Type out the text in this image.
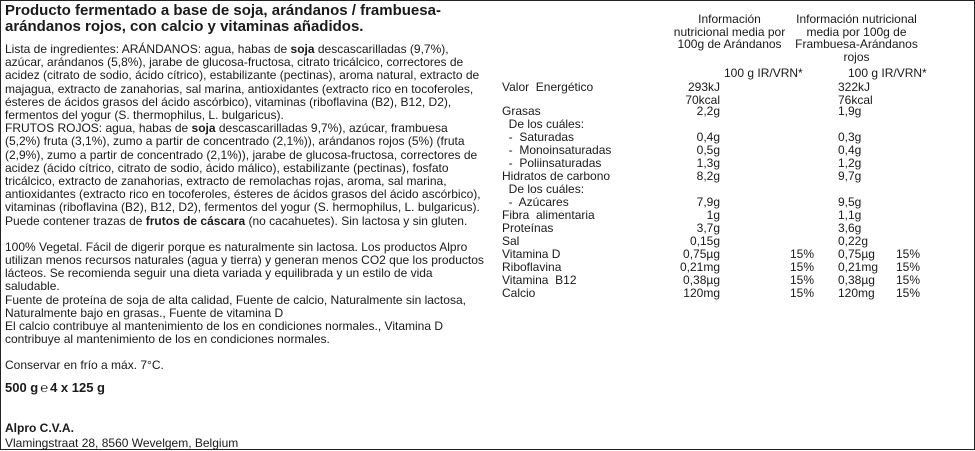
Producto fermentado a base de soja, arándanos / frambuesa-

arándanos rojos, con calcio y vitaminas añadidos.

Lista de ingredientes: ARÁNDANOS: agua, habas de soja descascarilladas (9,7%), azúcar, arándanos (5,8%), jarabe de glucosa-fructosa, citrato tricálcico, correctores de acidez (citrato de sodio, ácido cítrico), estabilizante (pectinas), aroma natural, extracto de majagua, extracto de zanahorias, sal marina, antioxidantes (extracto rico en tocoferoles, ésteres de ácidos grasos del ácido ascórbico), vitaminas (riboflavina (B2), B12, D2), fermentos del yogur (S. thermophilus, L. bulgaricus).
FRUTOS ROJOS: agua, habas de soja descascarilladas 9,7%), azúcar, frambuesa (5,2%) fruta (3,1%), zumo a partir de concentrado (2,1%)), arándanos rojos (5%) (fruta (2,9%), zumo a partir de concentrado (2,1%)), jarabe de glucosa-fructosa, correctores de acidez (ácido cítrico, citrato de sodio, ácido málico), estabilizante (pectinas), fosfato tricálcico, extracto de zanahorias, extracto de remolachas rojas, aroma, sal marina, antioxidantes (extracto rico en tocoferoles, ésteres de ácidos grasos del ácido ascórbico), vitaminas (riboflavina (B2), B12, D2), fermentos del yogur (S. hermophilus, L. bulgaricus). Puede contener trazas de frutos de cáscara (no cacahuetes). Sin lactosa y sin gluten.

100% Vegetal. Fácil de digerir porque es naturalmente sin lactosa. Los productos Alpro utilizan menos recursos naturales (agua y tierra) y generan menos CO2 que los productos lácteos. Se recomienda seguir una dieta variada y equilibrada y un estilo de vida saludable.

Fuente de proteína de soja de alta calidad, Fuente de calcio, Naturalmente sin lactosa, Naturalmente bajo en grasas., Fuente de vitamina D

El calcio contribuye al mantenimiento de los en condiciones normales., Vitamina D contribuye al mantenimiento de los en condiciones normales.

Conservar en frío a máx. 7°C.

500 g ℮ 4 x 125 g
Alpro C.V.A.
Vlamingstraat 28, 8560 Wevelgem, Belgium
Información nutricional media por 100g de Arándanos
Información nutricional media por 100g de Frambuesa-Arándanos rojos
100 g IR/VRN*	100 g IR/VRN*
Valor  Energético	293kJ	322kJ
70kcal	76kcal
Grasas	2,2g	1,9g
De los cuáles:
-  Saturadas	0,4g	0,3g
-  Monoinsaturadas	0,5g	0,4g
-  Poliinsaturadas	1,3g	1,2g
Hidratos de carbono	8,2g	9,7g
De los cuáles:
-  Azúcares	7,9g	9,5g
Fibra  alimentaria	1g	1,1g
Proteínas	3,7g	3,6g
Sal	0,15g	0,22g
Vitamina D	0,75µg	15% 0,75µg 15%
Riboflavina	0,21mg	15% 0,21mg 15%
Vitamina  B12	0,38µg	15% 0,38µg 15%
Calcio	120mg	15% 120mg 15%
